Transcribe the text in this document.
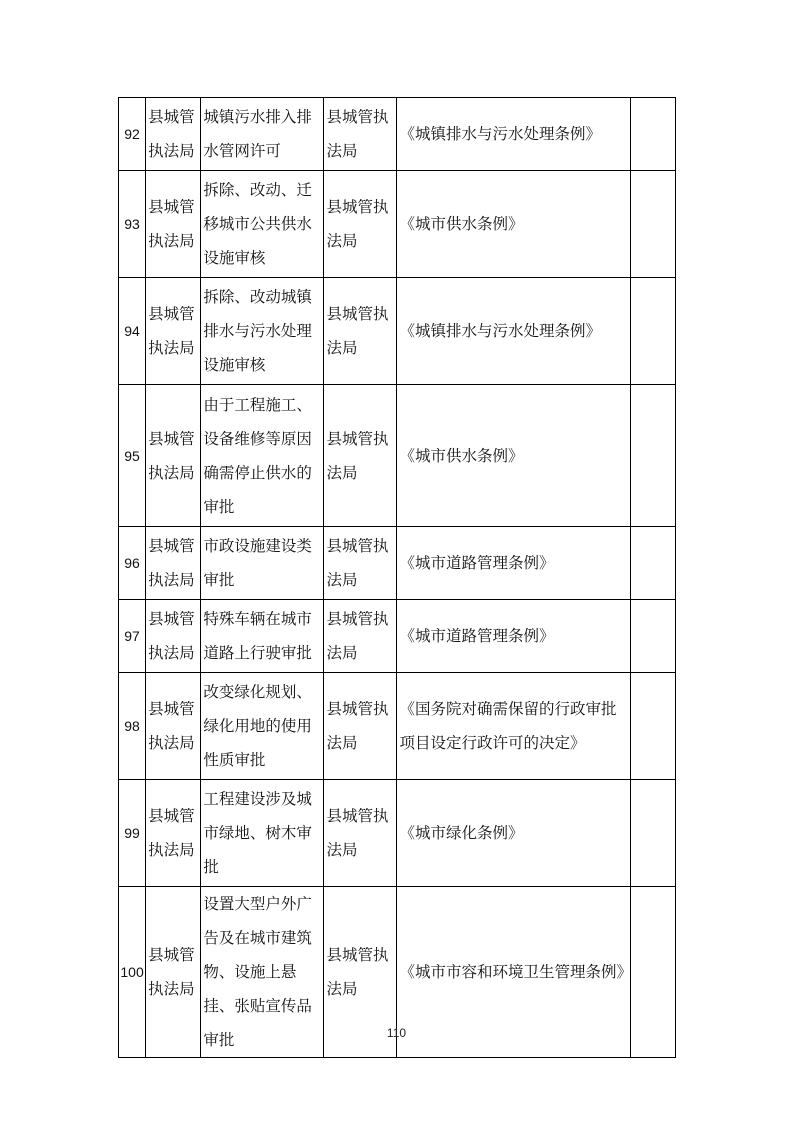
92	县城管执法局	城镇污水排入排水管网许可	县城管执法局	《城镇排水与污水处理条例》	
93	县城管执法局	拆除、改动、迁移城市公共供水设施审核	县城管执法局	《城市供水条例》	
94	县城管执法局	拆除、改动城镇排水与污水处理设施审核	县城管执法局	《城镇排水与污水处理条例》	
95	县城管执法局	由于工程施工、设备维修等原因确需停止供水的审批	县城管执法局	《城市供水条例》	
96	县城管执法局	市政设施建设类审批	县城管执法局	《城市道路管理条例》	
97	县城管执法局	特殊车辆在城市道路上行驶审批	县城管执法局	《城市道路管理条例》	
98	县城管执法局	改变绿化规划、绿化用地的使用性质审批	县城管执法局	《国务院对确需保留的行政审批项目设定行政许可的决定》	
99	县城管执法局	工程建设涉及城市绿地、树木审批	县城管执法局	《城市绿化条例》	
100	县城管执法局	设置大型户外广告及在城市建筑物、设施上悬挂、张贴宣传品审批	县城管执法局	《城市市容和环境卫生管理条例》	
110
